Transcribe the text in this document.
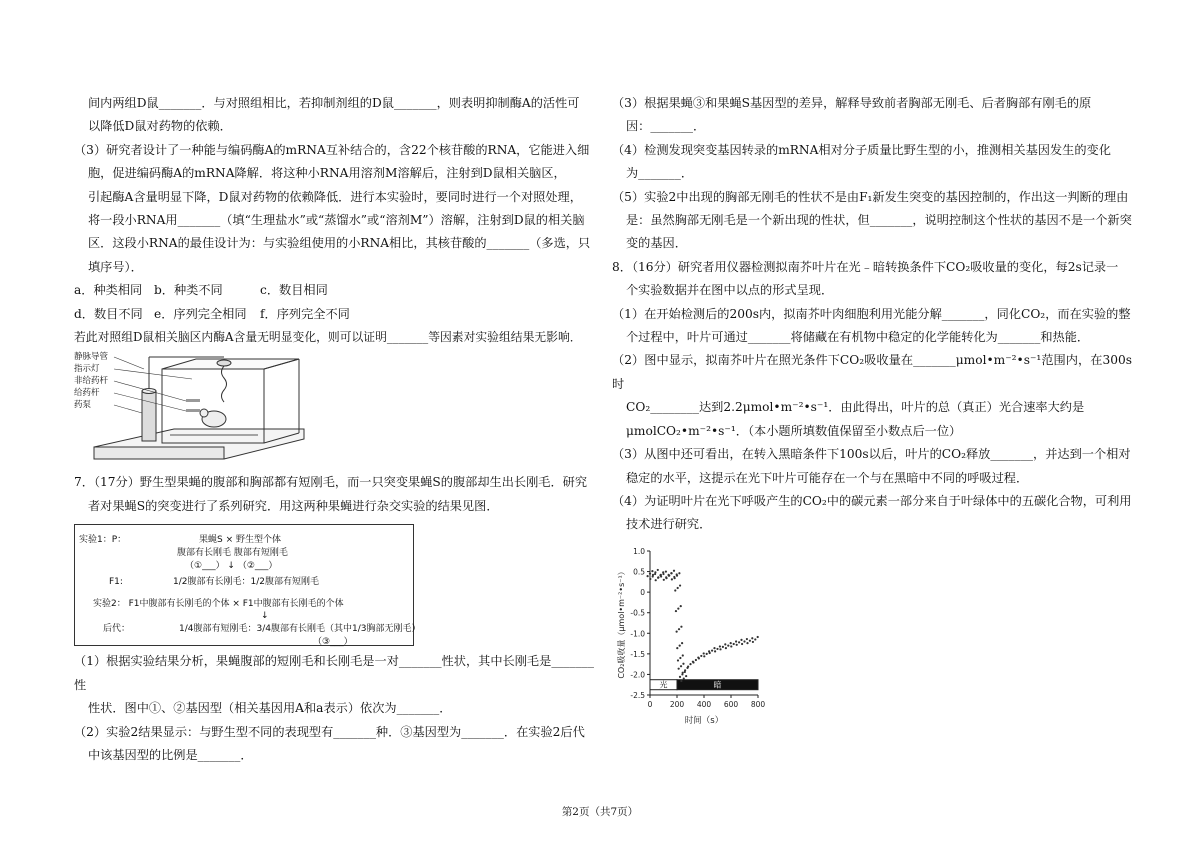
间内两组D鼠_______．与对照组相比，若抑制剂组的D鼠_______，则表明抑制酶A的活性可

以降低D鼠对药物的依赖．

（3）研究者设计了一种能与编码酶A的mRNA互补结合的，含22个核苷酸的RNA，它能进入细

胞，促进编码酶A的mRNA降解．将这种小RNA用溶剂M溶解后，注射到D鼠相关脑区，

引起酶A含量明显下降，D鼠对药物的依赖降低．进行本实验时，要同时进行一个对照处理，

将一段小RNA用_______（填“生理盐水”或“蒸馏水”或“溶剂M”）溶解，注射到D鼠的相关脑

区．这段小RNA的最佳设计为：与实验组使用的小RNA相比，其核苷酸的_______（多选，只

填序号）．

a．种类相同 b．种类不同	c．数目相同
d．数目不同 e．序列完全相同	f．序列完全不同

若此对照组D鼠相关脑区内酶A含量无明显变化，则可以证明_______等因素对实验组结果无影响．

静脉导管
指示灯
非给药杆
给药杆
药泵

7．（17分）野生型果蝇的腹部和胸部都有短刚毛，而一只突变果蝇S的腹部却生出长刚毛．研究

者对果蝇S的突变进行了系列研究．用这两种果蝇进行杂交实验的结果见图．

实验1：P：	果蝇S × 野生型个体
腹部有长刚毛 腹部有短刚毛
（①___） ↓ （②___）
F1:	1/2腹部有长刚毛：1/2腹部有短刚毛
实验2： F1中腹部有长刚毛的个体 × F1中腹部有长刚毛的个体
↓
后代：	1/4腹部有短刚毛：3/4腹部有长刚毛（其中1/3胸部无刚毛）
（③___）

（1）根据实验结果分析，果蝇腹部的短刚毛和长刚毛是一对_______性状，其中长刚毛是_______性

性状．图中①、②基因型（相关基因用A和a表示）依次为_______．

（2）实验2结果显示：与野生型不同的表现型有_______种．③基因型为_______．在实验2后代

中该基因型的比例是_______．

（3）根据果蝇③和果蝇S基因型的差异，解释导致前者胸部无刚毛、后者胸部有刚毛的原

因：_______．

（4）检测发现突变基因转录的mRNA相对分子质量比野生型的小，推测相关基因发生的变化

为_______．

（5）实验2中出现的胸部无刚毛的性状不是由F₁新发生突变的基因控制的，作出这一判断的理由

是：虽然胸部无刚毛是一个新出现的性状，但_______，说明控制这个性状的基因不是一个新突

变的基因．

8．（16分）研究者用仪器检测拟南芥叶片在光﹣暗转换条件下CO₂吸收量的变化，每2s记录一

个实验数据并在图中以点的形式呈现．

（1）在开始检测后的200s内，拟南芥叶肉细胞利用光能分解_______，同化CO₂，而在实验的整

个过程中，叶片可通过_______将储藏在有机物中稳定的化学能转化为_______和热能．

（2）图中显示，拟南芥叶片在照光条件下CO₂吸收量在_______μmol•m⁻²•s⁻¹范围内，在300s时

CO₂________达到2.2μmol•m⁻²•s⁻¹．由此得出，叶片的总（真正）光合速率大约是

μmolCO₂•m⁻²•s⁻¹．（本小题所填数值保留至小数点后一位）

（3）从图中还可看出，在转入黑暗条件下100s以后，叶片的CO₂释放_______，并达到一个相对

稳定的水平，这提示在光下叶片可能存在一个与在黑暗中不同的呼吸过程．

（4）为证明叶片在光下呼吸产生的CO₂中的碳元素一部分来自于叶绿体中的五碳化合物，可利用

技术进行研究．

1.0
0.5
0
-0.5
-1.0
-1.5
-2.0
-2.5
0 200 400 600 800
光	暗
时间（s）
CO₂吸收量（μmol•m⁻²•s⁻¹）
第2页（共7页）
